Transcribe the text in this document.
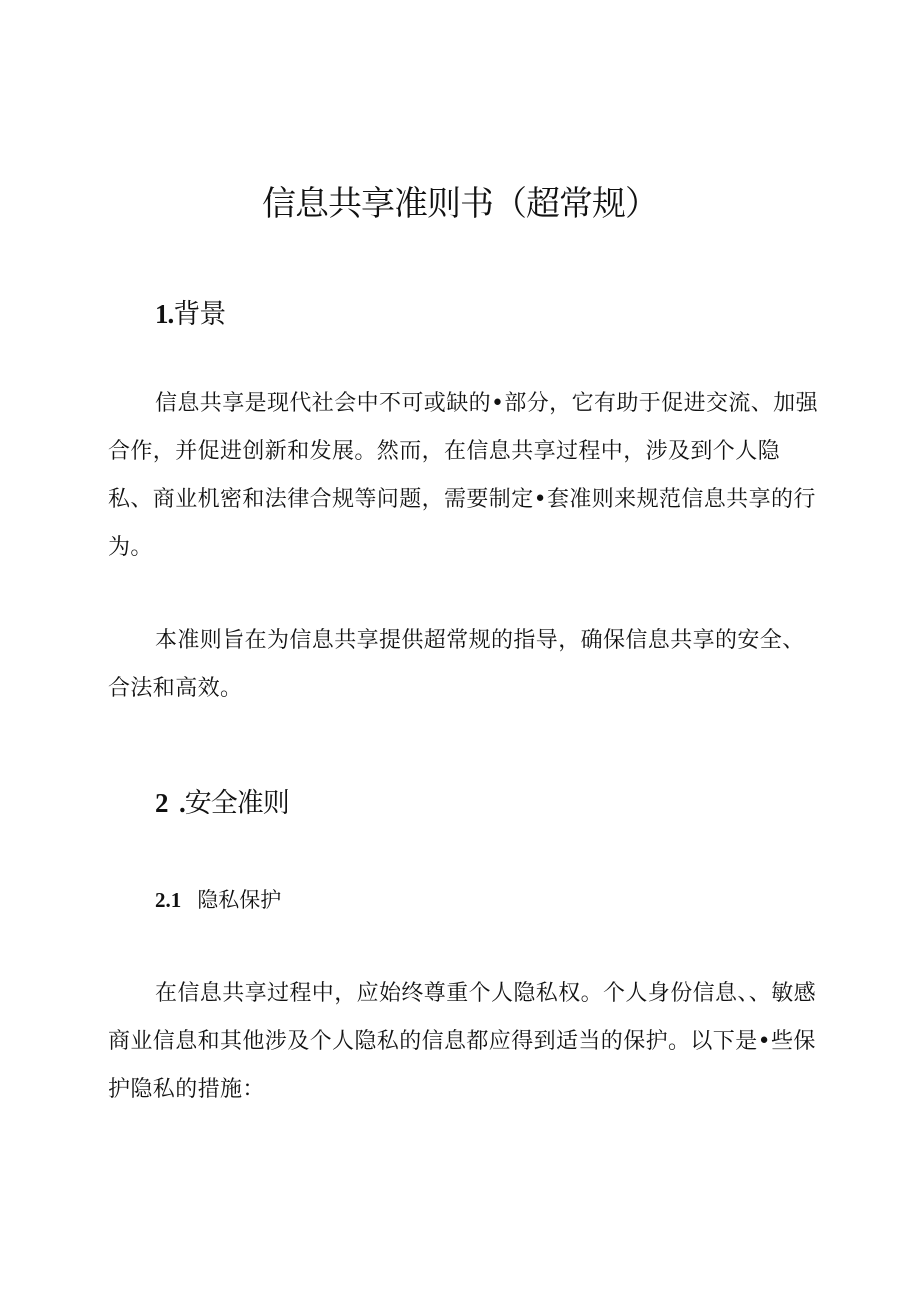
信息共享准则书（超常规）
1.背景

信息共享是现代社会中不可或缺的•部分，它有助于促进交流、加强合作，并促进创新和发展。然而，在信息共享过程中，涉及到个人隐私、商业机密和法律合规等问题，需要制定•套准则来规范信息共享的行为。

本准则旨在为信息共享提供超常规的指导，确保信息共享的安全、合法和高效。

2  .安全准则
2.1 隐私保护

在信息共享过程中，应始终尊重个人隐私权。个人身份信息、、敏感商业信息和其他涉及个人隐私的信息都应得到适当的保护。以下是•些保护隐私的措施：
